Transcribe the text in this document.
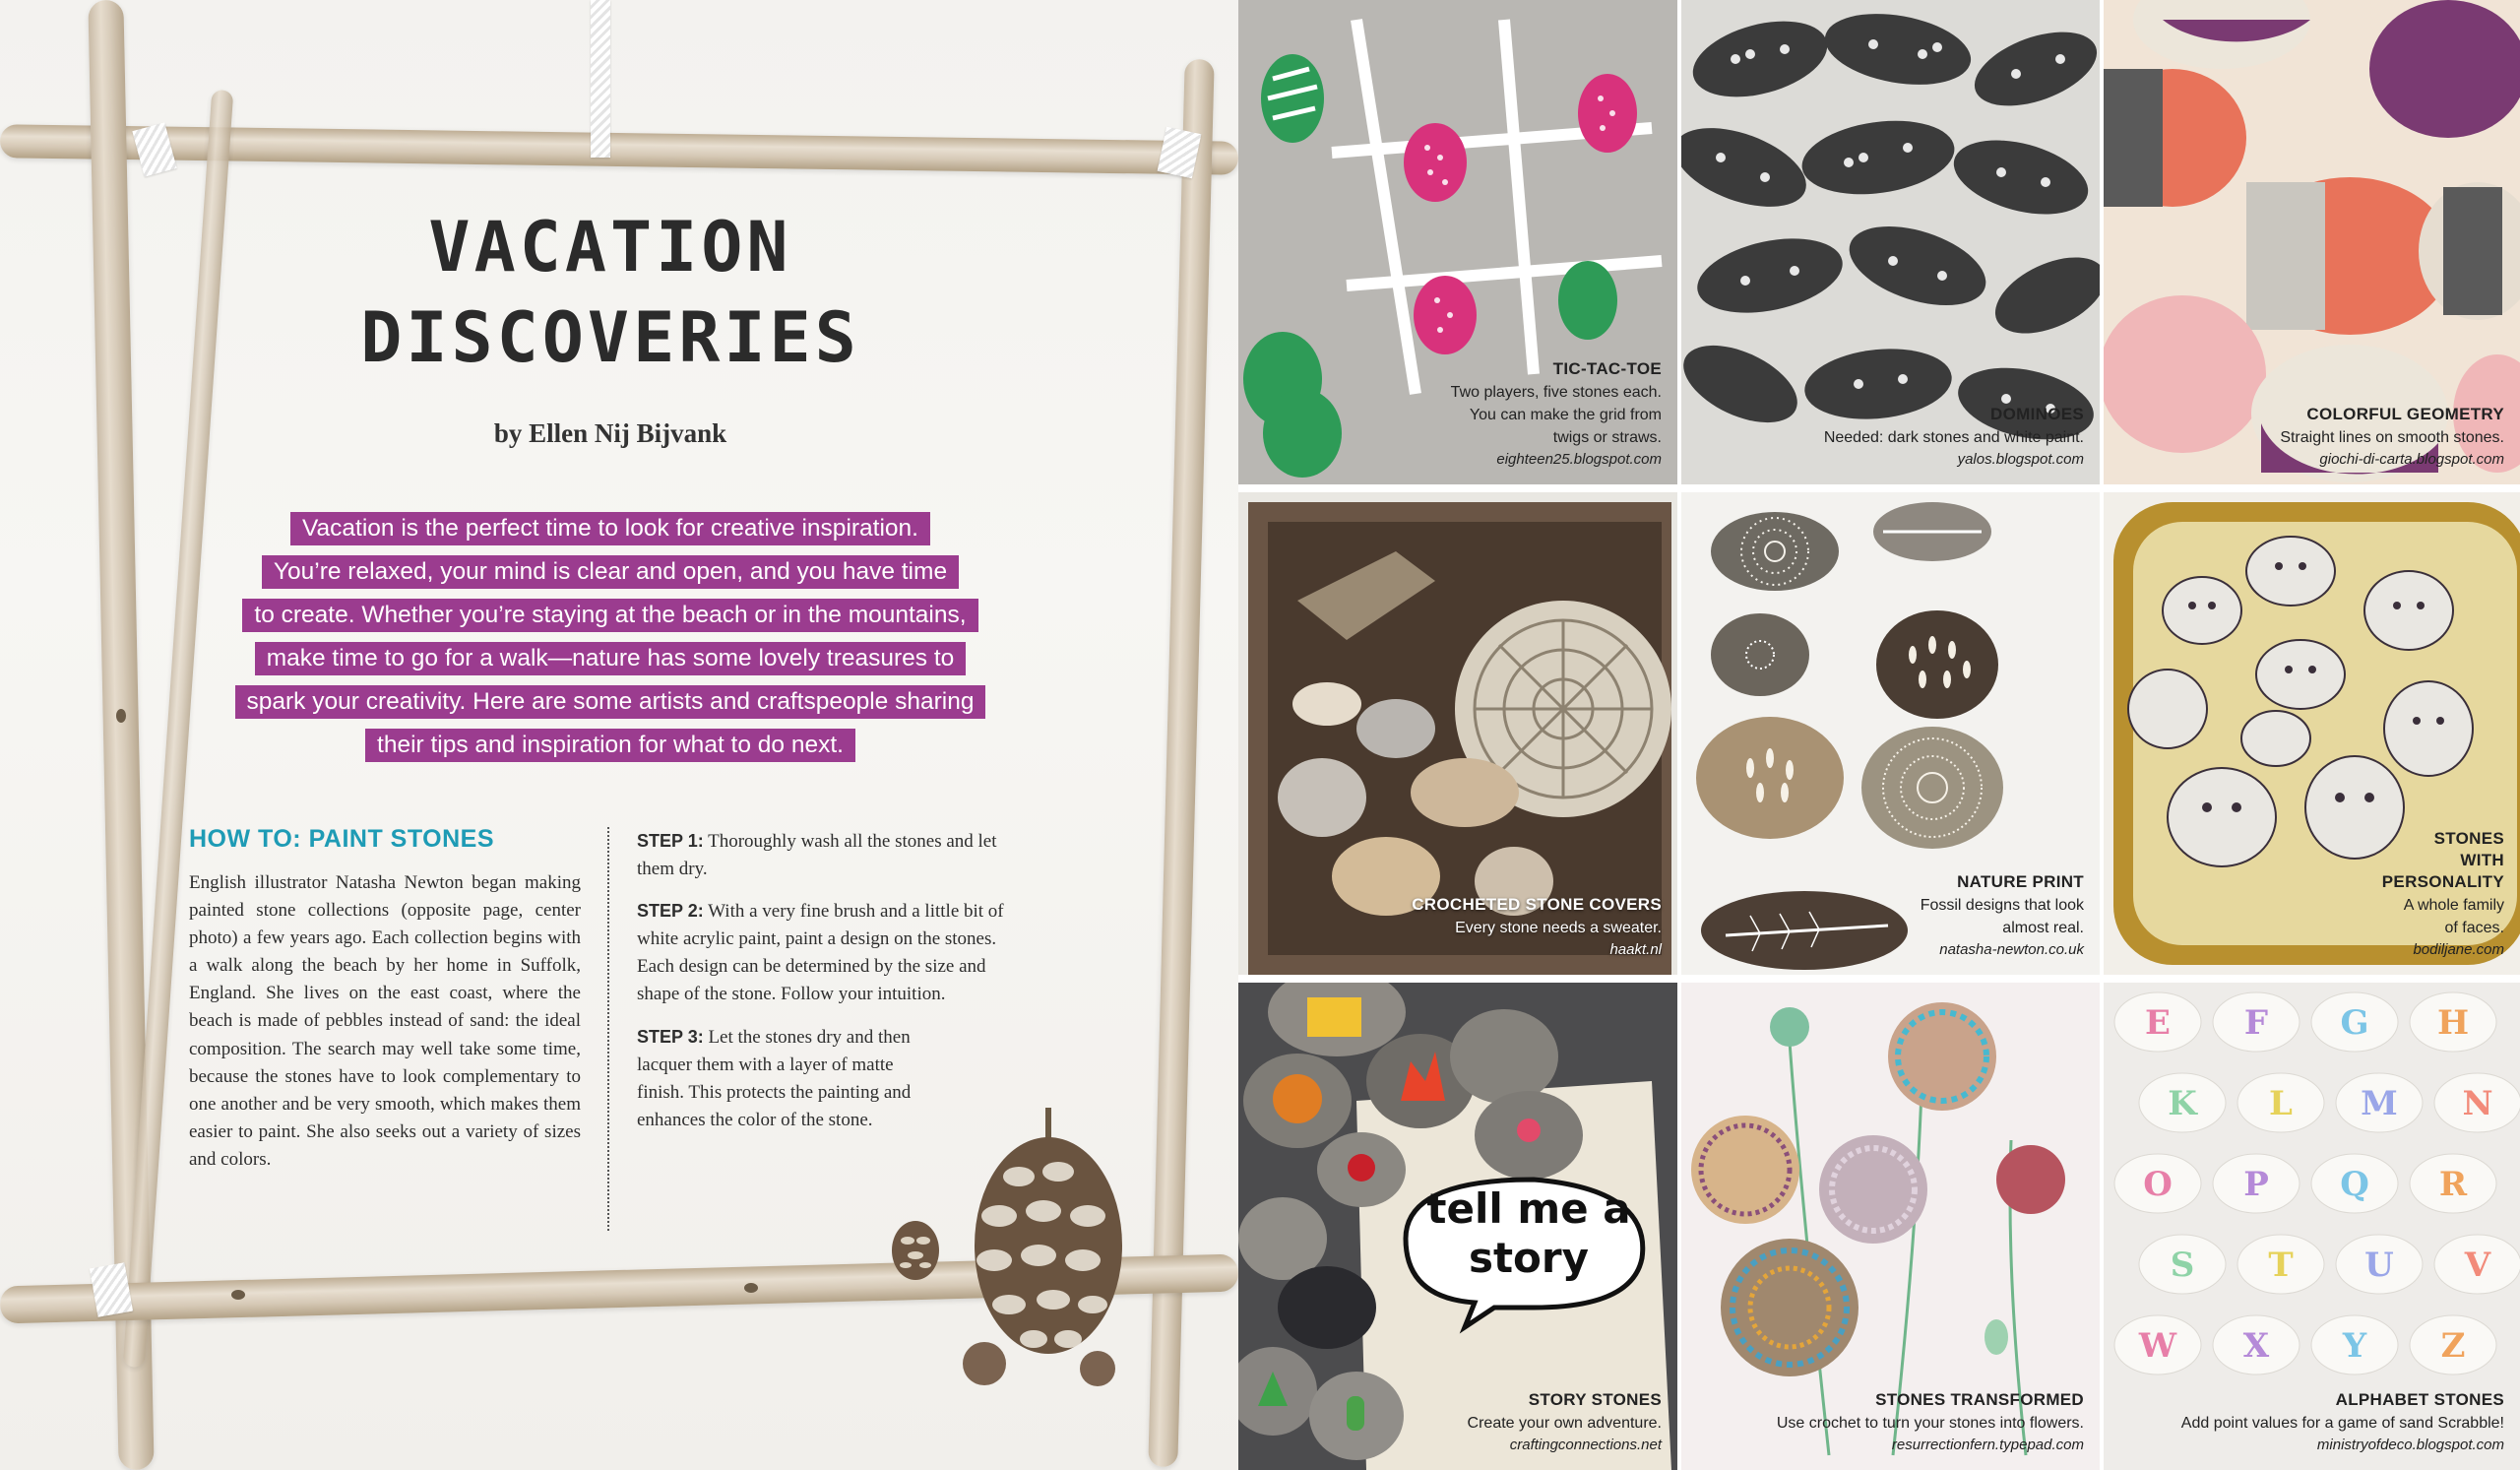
VACATION
DISCOVERIES
by Ellen Nij Bijvank
Vacation is the perfect time to look for creative inspiration.
You’re relaxed, your mind is clear and open, and you have time
to create. Whether you’re staying at the beach or in the mountains,
make time to go for a walk—nature has some lovely treasures to
spark your creativity. Here are some artists and craftspeople sharing
their tips and inspiration for what to do next.
HOW TO: PAINT STONES
English illustrator Natasha Newton began making painted stone collections (opposite page, center photo) a few years ago. Each collection begins with a walk along the beach by her home in Suffolk, England. She lives on the east coast, where the beach is made of pebbles instead of sand: the ideal composition. The search may well take some time, because the stones have to look complementary to one another and be very smooth, which makes them easier to paint. She also seeks out a variety of sizes and colors.

STEP 1: Thoroughly wash all the stones and let them dry.

STEP 2: With a very fine brush and a little bit of white acrylic paint, paint a design on the stones. Each design can be determined by the size and shape of the stone. Follow your intuition.

STEP 3: Let the stones dry and then lacquer them with a layer of matte finish. This protects the painting and enhances the color of the stone.

TIC-TAC-TOE
Two players, five stones each.
You can make the grid from
twigs or straws.
eighteen25.blogspot.com
DOMINOES
Needed: dark stones and white paint.
yalos.blogspot.com
COLORFUL GEOMETRY
Straight lines on smooth stones.
giochi-di-carta.blogspot.com
CROCHETED STONE COVERS
Every stone needs a sweater.
haakt.nl
NATURE PRINT
Fossil designs that look
almost real.
natasha-newton.co.uk
STONES
WITH
PERSONALITY
A whole family
of faces.
bodiljane.com
tell me a
story
STORY STONES
Create your own adventure.
craftingconnections.net
STONES TRANSFORMED
Use crochet to turn your stones into flowers.
resurrectionfern.typepad.com
E F G H
K L M N
O P Q R
S T U V
W X Y Z
ALPHABET STONES
Add point values for a game of sand Scrabble!
ministryofdeco.blogspot.com
